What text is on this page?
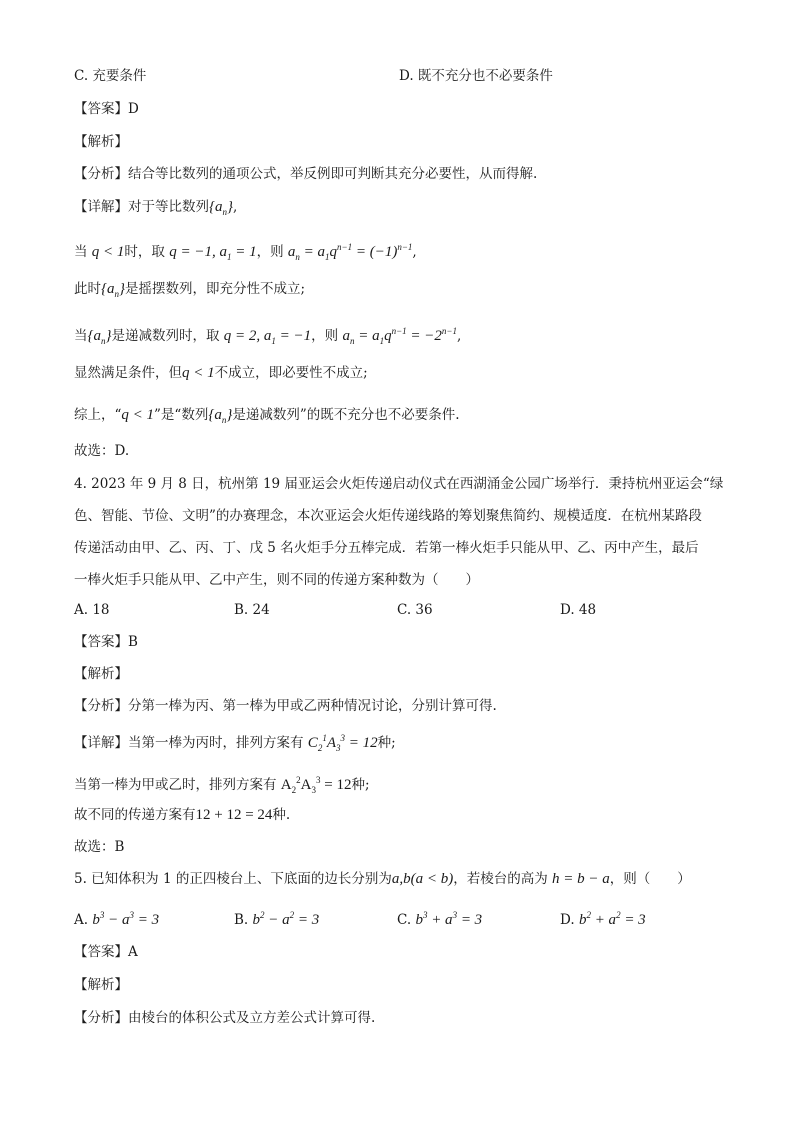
C. 充要条件	D. 既不充分也不必要条件
【答案】D
【解析】
【分析】结合等比数列的通项公式，举反例即可判断其充分必要性，从而得解.
【详解】对于等比数列$\{a_n\}$,
当 q < 1时，取 q = −1, $a_1 = 1$，则 $a_n = a_1q^{n-1} = (-1)^{n-1}$,
此时$\{a_n\}$是摇摆数列，即充分性不成立;
当$\{a_n\}$是递减数列时，取 q = 2, $a_1 = -1$，则 $a_n = a_1q^{n-1} = -2^{n-1}$,
显然满足条件，但q < 1不成立，即必要性不成立;
综上，“q < 1”是“数列$\{a_n\}$是递减数列”的既不充分也不必要条件.
故选：D.
4. 2023 年 9 月 8 日，杭州第 19 届亚运会火炬传递启动仪式在西湖涌金公园广场举行．秉持杭州亚运会“绿
色、智能、节俭、文明”的办赛理念，本次亚运会火炬传递线路的筹划聚焦简约、规模适度．在杭州某路段
传递活动由甲、乙、丙、丁、戊 5 名火炬手分五棒完成．若第一棒火炬手只能从甲、乙、丙中产生，最后
一棒火炬手只能从甲、乙中产生，则不同的传递方案种数为（　　）
A. 18	B. 24	C. 36	D. 48
【答案】B
【解析】
【分析】分第一棒为丙、第一棒为甲或乙两种情况讨论，分别计算可得.
【详解】当第一棒为丙时，排列方案有 $C_2^1A_3^3 = 12$种;
当第一棒为甲或乙时，排列方案有 $A_2^2A_3^3 = 12$种;
故不同的传递方案有12 + 12 = 24种.
故选：B
5. 已知体积为 1 的正四棱台上、下底面的边长分别为a,b(a < b)，若棱台的高为 h = b − a，则（　　）
A. $b^3 - a^3 = 3$	B. $b^2 - a^2 = 3$	C. $b^3 + a^3 = 3$	D. $b^2 + a^2 = 3$
【答案】A
【解析】
【分析】由棱台的体积公式及立方差公式计算可得.
